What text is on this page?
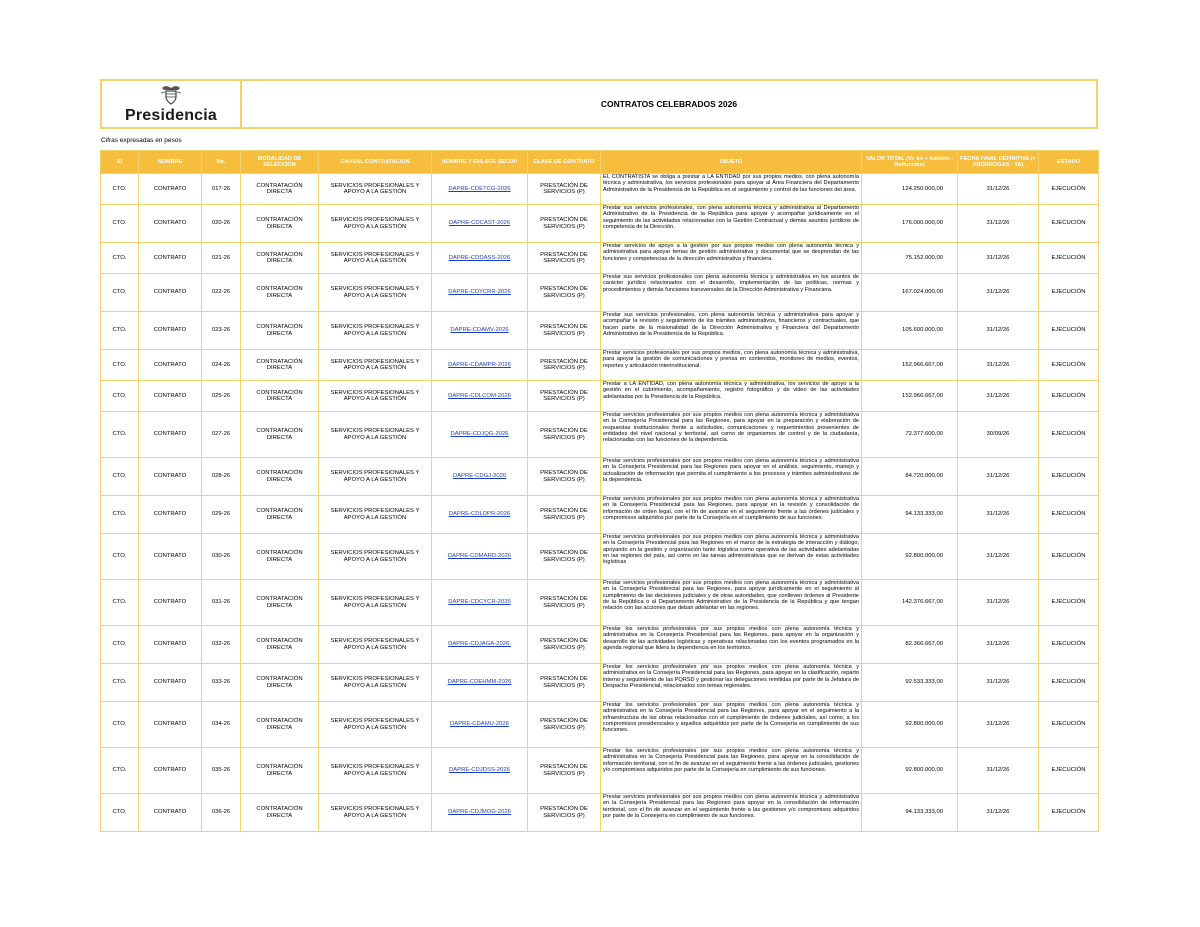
Presidencia
CONTRATOS CELEBRADOS 2026
Cifras expresadas en pesos
ID	NOMBRE	No.	MODALIDAD DE SELECCIÓN	CAUSAL CONTRATACION	NOMBRE Y ENLACE SECOP	CLASE DE CONTRATO	OBJETO	VALOR TOTAL (Vr. Ini + Adición - Reducción)	FECHA FINAL DEFINITIVA (+ PRORROGAS - TA)	ESTADO
CTO.	CONTRATO	017-26	CONTRATACIÓN DIRECTA	SERVICIOS PROFESIONALES Y APOYO A LA GESTIÓN	DAPRE-CDETCG-2026	PRESTACIÓN DE SERVICIOS (P)	EL CONTRATISTA se obliga a prestar a LA ENTIDAD por sus propios medios, con plena autonomía técnica y administrativa, los servicios profesionales para apoyar al Área Financiera del Departamento Administrativo de la Presidencia de la República en el seguimiento y control de las funciones del área.	124.250.000,00	31/12/26	EJECUCIÓN
CTO.	CONTRATO	020-26	CONTRATACIÓN DIRECTA	SERVICIOS PROFESIONALES Y APOYO A LA GESTIÓN	DAPRE-CDCAST-2026	PRESTACIÓN DE SERVICIOS (P)	Prestar sus servicios profesionales, con plena autonomía técnica y administrativa al Departamento Administrativo de la Presidencia de la República para apoyar y acompañar jurídicamente en el seguimiento de las actividades relacionadas con la Gestión Contractual y demás asuntos jurídicos de competencia de la Dirección.	176.000.000,00	31/12/26	EJECUCIÓN
CTO.	CONTRATO	021-26	CONTRATACIÓN DIRECTA	SERVICIOS PROFESIONALES Y APOYO A LA GESTIÓN	DAPRE-CDDASS-2026	PRESTACIÓN DE SERVICIOS (P)	Prestar servicios de apoyo a la gestión por sus propios medios con plena autonomía técnica y administrativa para apoyar temas de gestión administrativa y documental que se desprendan de las funciones y competencias de la dirección administrativa y financiera.	75.152.000,00	31/12/26	EJECUCIÓN
CTO.	CONTRATO	022-26	CONTRATACIÓN DIRECTA	SERVICIOS PROFESIONALES Y APOYO A LA GESTIÓN	DAPRE-CDYCRR-2026	PRESTACIÓN DE SERVICIOS (P)	Prestar sus servicios profesionales con plena autonomía técnica y administrativa en los asuntos de carácter jurídico relacionados con el desarrollo, implementación de las políticas, normas y procedimientos y demás funciones transversales de la Dirección Administrativa y Financiera.	167.024.000,00	31/12/26	EJECUCIÓN
CTO.	CONTRATO	023-26	CONTRATACIÓN DIRECTA	SERVICIOS PROFESIONALES Y APOYO A LA GESTIÓN	DAPRE-CDAMV-2026	PRESTACIÓN DE SERVICIOS (P)	Prestar sus servicios profesionales, con plena autonomía técnica y administrativa para apoyar y acompañar la revisión y seguimiento de los trámites administrativos, financieros y contractuales, que hacen parte de la misionalidad de la Dirección Administrativa y Financiera del Departamento Administrativo de la Presidencia de la República.	105.600.000,00	31/12/26	EJECUCIÓN
CTO.	CONTRATO	024-26	CONTRATACIÓN DIRECTA	SERVICIOS PROFESIONALES Y APOYO A LA GESTIÓN	DAPRE-CDAMPR-2026	PRESTACIÓN DE SERVICIOS (P)	Prestar servicios profesionales por sus propios medios, con plena autonomía técnica y administrativa, para apoyar la gestión de comunicaciones y prensa en contenidos, monitoreo de medios, eventos, reportes y articulación interinstitucional.	152.966.667,00	31/12/26	EJECUCIÓN
CTO.	CONTRATO	025-26	CONTRATACIÓN DIRECTA	SERVICIOS PROFESIONALES Y APOYO A LA GESTIÓN	DAPRE-CDLCOM-2026	PRESTACIÓN DE SERVICIOS (P)	Prestar a LA ENTIDAD, con plena autonomía técnica y administrativa, los servicios de apoyo a la gestión en el cubrimiento, acompañamiento, registro fotográfico y de video de las actividades adelantadas por la Presidencia de la República.	152.966.667,00	31/12/26	EJECUCIÓN
CTO.	CONTRATO	027-26	CONTRATACIÓN DIRECTA	SERVICIOS PROFESIONALES Y APOYO A LA GESTIÓN	DAPRE-CDJQG-2026	PRESTACIÓN DE SERVICIOS (P)	Prestar servicios profesionales por sus propios medios con plena autonomía técnica y administrativa en la Consejería Presidencial para las Regiones, para apoyar en la preparación y elaboración de respuestas institucionales frente a solicitudes, comunicaciones y requerimientos provenientes de entidades del nivel nacional y territorial, así como de organismos de control y de la ciudadanía, relacionadas con las funciones de la dependencia.	72.377.600,00	30/09/26	EJECUCIÓN
CTO.	CONTRATO	028-26	CONTRATACIÓN DIRECTA	SERVICIOS PROFESIONALES Y APOYO A LA GESTIÓN	DAPRE-CDGJ-2026	PRESTACIÓN DE SERVICIOS (P)	Prestar servicios profesionales por sus propios medios con plena autonomía técnica y administrativa en la Consejería Presidencial para las Regiones para apoyar en el análisis, seguimiento, manejo y actualización de información que permita el cumplimiento a los procesos y trámites administrativos de la dependencia.	84.720.000,00	31/12/26	EJECUCIÓN
CTO.	CONTRATO	029-26	CONTRATACIÓN DIRECTA	SERVICIOS PROFESIONALES Y APOYO A LA GESTIÓN	DAPRE-CDLDPR-2026	PRESTACIÓN DE SERVICIOS (P)	Prestar servicios profesionales por sus propios medios con plena autonomía técnica y administrativa en la Consejería Presidencial para las Regiones, para apoyar en la revisión y consolidación de información de orden legal, con el fin de avanzar en el seguimiento frente a las órdenes judiciales y compromisos adquiridos por parte de la Consejería en el cumplimiento de sus funciones.	94.133.333,00	31/12/26	EJECUCIÓN
CTO.	CONTRATO	030-26	CONTRATACIÓN DIRECTA	SERVICIOS PROFESIONALES Y APOYO A LA GESTIÓN	DAPRE-CDMARD-2026	PRESTACIÓN DE SERVICIOS (P)	Prestar servicios profesionales por sus propios medios con plena autonomía técnica y administrativa en la Consejería Presidencial para las Regiones en el marco de la estrategia de interacción y diálogo, apoyando en la gestión y organización tanto logística como operativa de las actividades adelantadas en las regiones del país, así como en las tareas administrativas que se derivan de estas actividades logísticas	92.800.000,00	31/12/26	EJECUCIÓN
CTO.	CONTRATO	031-26	CONTRATACIÓN DIRECTA	SERVICIOS PROFESIONALES Y APOYO A LA GESTIÓN	DAPRE-CDCYCR-2026	PRESTACIÓN DE SERVICIOS (P)	Prestar servicios profesionales por sus propios medios con plena autonomía técnica y administrativa en la Consejería Presidencial para las Regiones, para apoyar jurídicamente en el seguimiento al cumplimiento de las decisiones judiciales y de otras autoridades, que conlleven órdenes al Presidente de la República o al Departamento Administrativo de la Presidencia de la República y que tengan relación con las acciones que deban adelantar en las regiones.	142.376.667,00	31/12/26	EJECUCIÓN
CTO.	CONTRATO	032-26	CONTRATACIÓN DIRECTA	SERVICIOS PROFESIONALES Y APOYO A LA GESTIÓN	DAPRE-CDJAGA-2026.	PRESTACIÓN DE SERVICIOS (P)	Prestar los servicios profesionales por sus propios medios con plena autonomía técnica y administrativa en la Consejería Presidencial para las Regiones, para apoyar en la organización y desarrollo de las actividades logísticas y operativas relacionadas con los eventos programados en la agenda regional que lidera la dependencia en los territorios.	82.366.667,00	31/12/26	EJECUCIÓN
CTO.	CONTRATO	033-26	CONTRATACIÓN DIRECTA	SERVICIOS PROFESIONALES Y APOYO A LA GESTIÓN	DAPRE-CDEHMM-2026	PRESTACIÓN DE SERVICIOS (P)	Prestar los servicios profesionales por sus propios medios con plena autonomía técnica y administrativa en la Consejería Presidencial para las Regiones, para apoyar en la clasificación, reparto interno y seguimiento de las PQRSD y gestionar las delegaciones remitidas por parte de la Jefatura de Despacho Presidencial, relacionados con temas regionales.	92.533.333,00	31/12/26	EJECUCIÓN
CTO.	CONTRATO	034-26	CONTRATACIÓN DIRECTA	SERVICIOS PROFESIONALES Y APOYO A LA GESTIÓN	DAPRE-CDAMU-2026	PRESTACIÓN DE SERVICIOS (P)	Prestar los servicios profesionales por sus propios medios con plena autonomía técnica y administrativa en la Consejería Presidencial para las Regiones, para apoyar en el seguimiento a la infraestructura de las obras relacionadas con el cumplimiento de órdenes judiciales, así como, a los compromisos presidenciales y aquellos adquiridos por parte de la Consejería en cumplimiento de sus funciones.	92.800.000,00	31/12/26	EJECUCIÓN
CTO.	CONTRATO	035-26	CONTRATACIÓN DIRECTA	SERVICIOS PROFESIONALES Y APOYO A LA GESTIÓN	DAPRE-CDJDSS-2026	PRESTACIÓN DE SERVICIOS (P)	Prestar los servicios profesionales por sus propios medios con plena autonomía técnica y administrativa en la Consejería Presidencial para las Regiones, para apoyar en la consolidación de información territorial, con el fin de avanzar en el seguimiento frente a las órdenes judiciales, gestiones y/o compromisos adquiridos por parte de la Consejería en cumplimiento de sus funciones.	92.800.000,00	31/12/26	EJECUCIÓN
CTO.	CONTRATO	036-26	CONTRATACIÓN DIRECTA	SERVICIOS PROFESIONALES Y APOYO A LA GESTIÓN	DAPRE-CDJMOG-2026	PRESTACIÓN DE SERVICIOS (P)	Prestar servicios profesionales por sus propios medios con plena autonomía técnica y administrativa en la Consejería Presidencial para las Regiones para apoyar en la consolidación de información territorial, con el fin de avanzar en el seguimiento frente a las gestiones y/o compromisos adquiridos por parte de la Consejería en cumplimiento de sus funciones.	94.133.333,00	31/12/26	EJECUCIÓN
